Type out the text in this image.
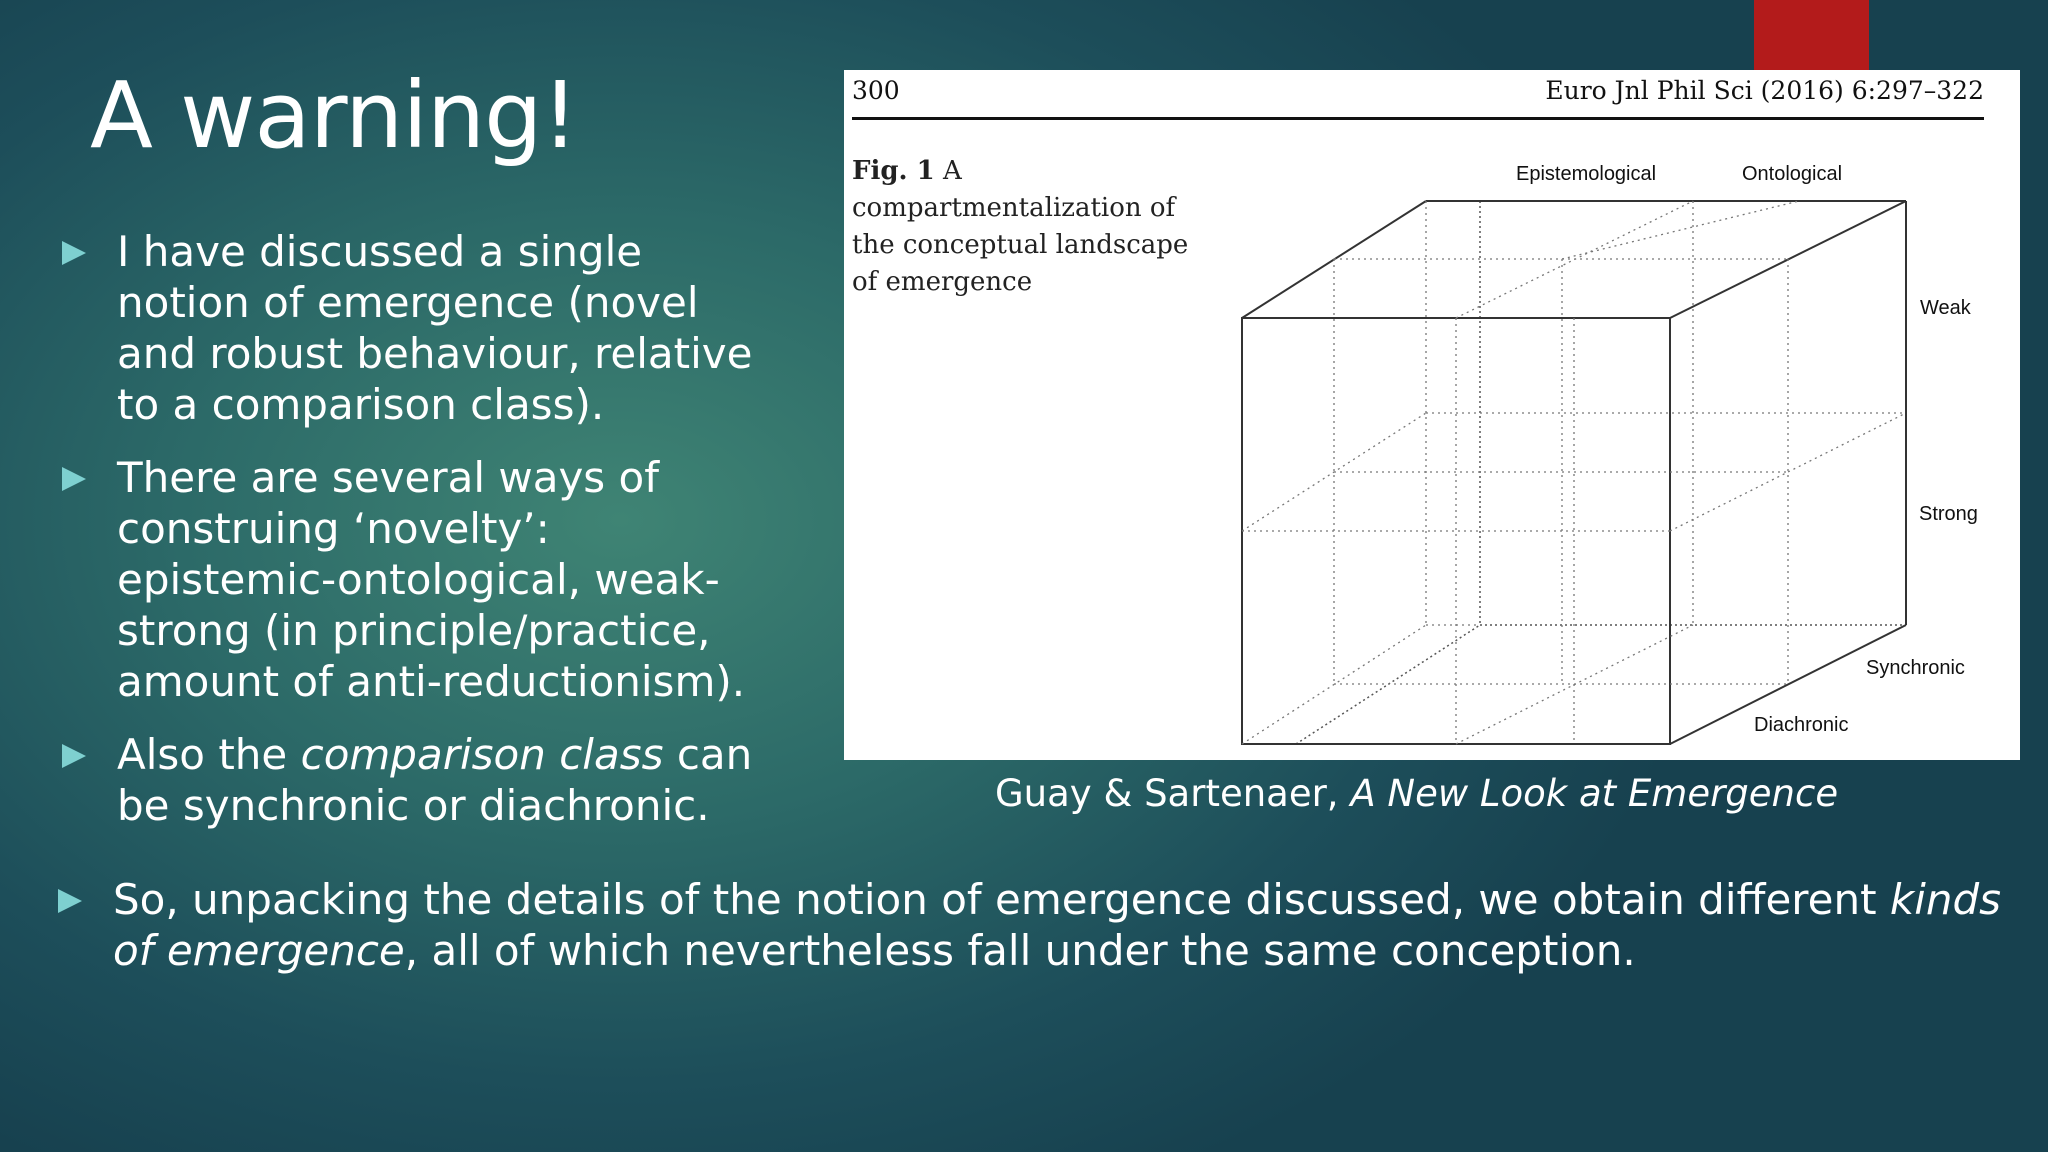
A warning!
I have discussed a single notion of emergence (novel and robust behaviour, relative to a comparison class).
There are several ways of construing ‘novelty’: epistemic-ontological, weak-strong (in principle/practice, amount of anti-reductionism).
Also the comparison class can be synchronic or diachronic.
300	Euro Jnl Phil Sci (2016) 6:297–322
Fig. 1 A compartmentalization of the conceptual landscape of emergence
Epistemological	Ontological
Weak
Strong
Synchronic
Diachronic
Guay & Sartenaer, A New Look at Emergence
So, unpacking the details of the notion of emergence discussed, we obtain different kinds of emergence, all of which nevertheless fall under the same conception.
